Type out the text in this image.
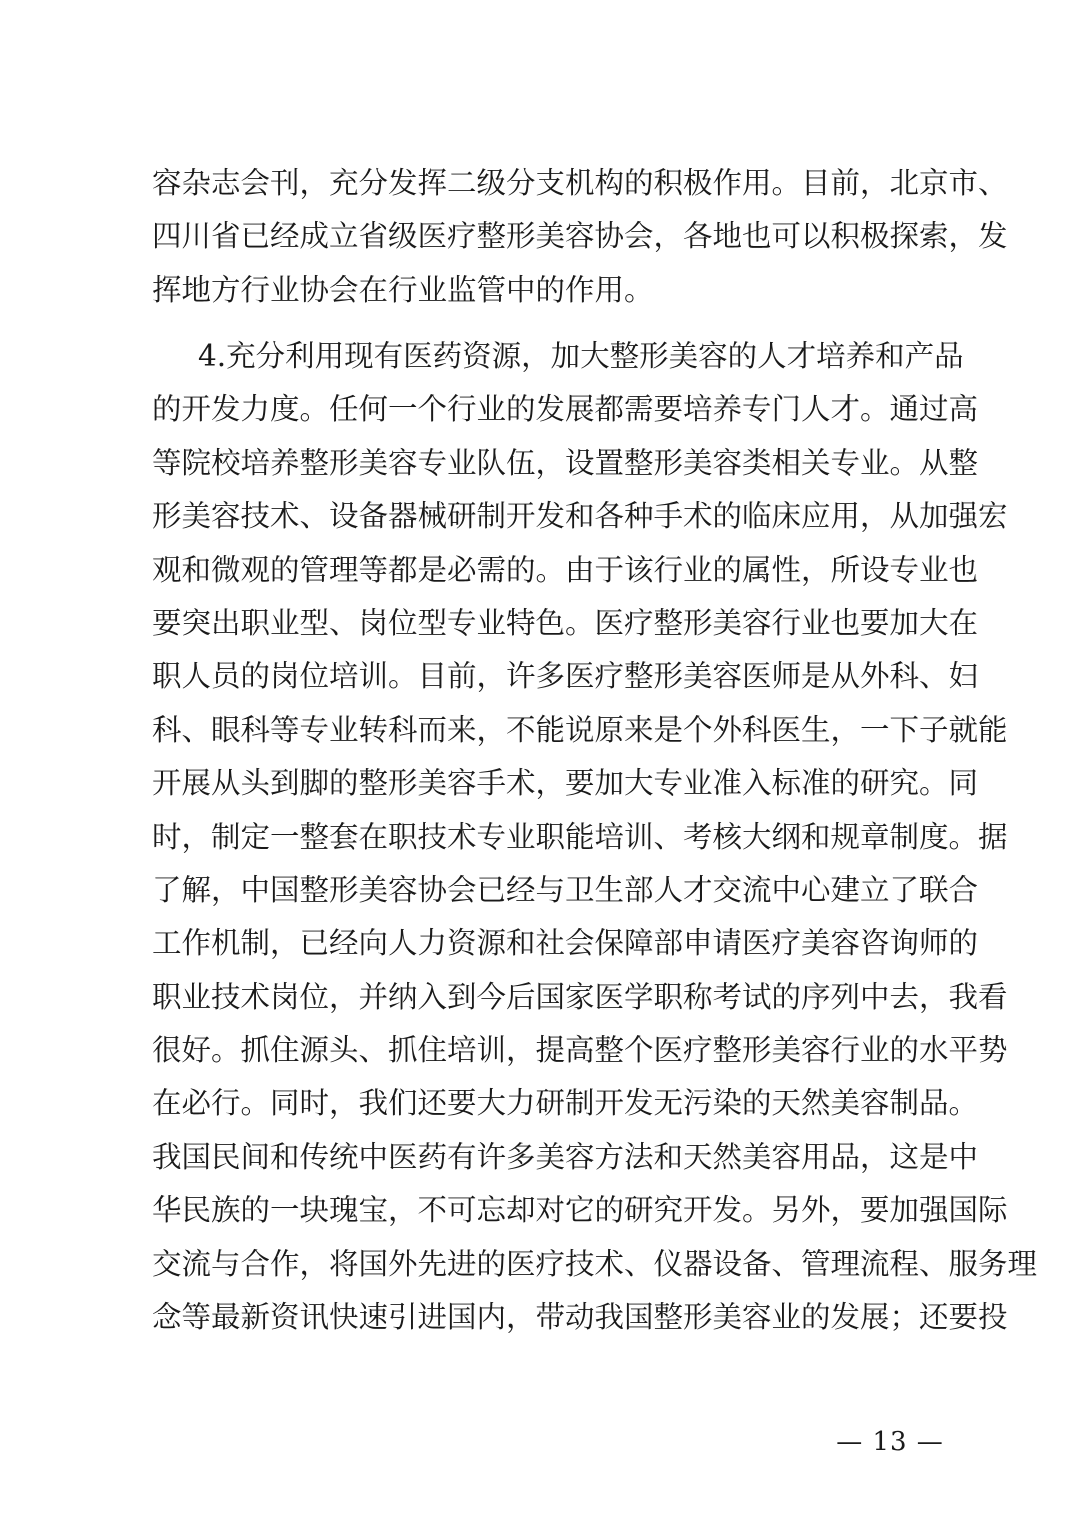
容杂志会刊，充分发挥二级分支机构的积极作用。目前，北京市、
四川省已经成立省级医疗整形美容协会，各地也可以积极探索，发
挥地方行业协会在行业监管中的作用。
4.充分利用现有医药资源，加大整形美容的人才培养和产品
的开发力度。任何一个行业的发展都需要培养专门人才。通过高
等院校培养整形美容专业队伍，设置整形美容类相关专业。从整
形美容技术、设备器械研制开发和各种手术的临床应用，从加强宏
观和微观的管理等都是必需的。由于该行业的属性，所设专业也
要突出职业型、岗位型专业特色。医疗整形美容行业也要加大在
职人员的岗位培训。目前，许多医疗整形美容医师是从外科、妇
科、眼科等专业转科而来，不能说原来是个外科医生，一下子就能
开展从头到脚的整形美容手术，要加大专业准入标准的研究。同
时，制定一整套在职技术专业职能培训、考核大纲和规章制度。据
了解，中国整形美容协会已经与卫生部人才交流中心建立了联合
工作机制，已经向人力资源和社会保障部申请医疗美容咨询师的
职业技术岗位，并纳入到今后国家医学职称考试的序列中去，我看
很好。抓住源头、抓住培训，提高整个医疗整形美容行业的水平势
在必行。同时，我们还要大力研制开发无污染的天然美容制品。
我国民间和传统中医药有许多美容方法和天然美容用品，这是中
华民族的一块瑰宝，不可忘却对它的研究开发。另外，要加强国际
交流与合作，将国外先进的医疗技术、仪器设备、管理流程、服务理
念等最新资讯快速引进国内，带动我国整形美容业的发展；还要投
— 13 —
